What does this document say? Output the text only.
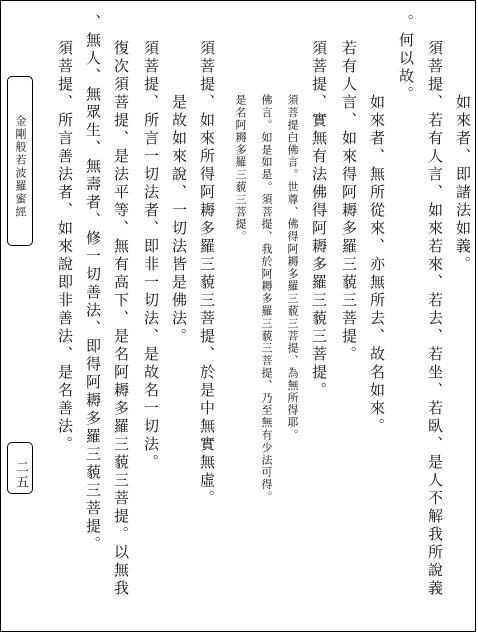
金剛般若波羅蜜經
二五
如來者、即諸法如義。
須菩提、若有人言、如來若來、若去、若坐、若臥、是人不解我所說義
。何以故。
如來者、無所從來、亦無所去、故名如來。
若有人言、如來得阿耨多羅三藐三菩提。
須菩提、實無有法佛得阿耨多羅三藐三菩提。
須菩提白佛言。世尊、佛得阿耨多羅三藐三菩提、為無所得耶。
佛言。如是如是。須菩提、我於阿耨多羅三藐三菩提、乃至無有少法可得。
是名阿耨多羅三藐三菩提。
須菩提、如來所得阿耨多羅三藐三菩提、於是中無實無虛。
是故如來說、一切法皆是佛法。
須菩提、所言一切法者、即非一切法、是故名一切法。
復次須菩提、是法平等、無有高下、是名阿耨多羅三藐三菩提。以無我
、無人、無眾生、無壽者、修一切善法、即得阿耨多羅三藐三菩提。
須菩提、所言善法者、如來說即非善法、是名善法。
